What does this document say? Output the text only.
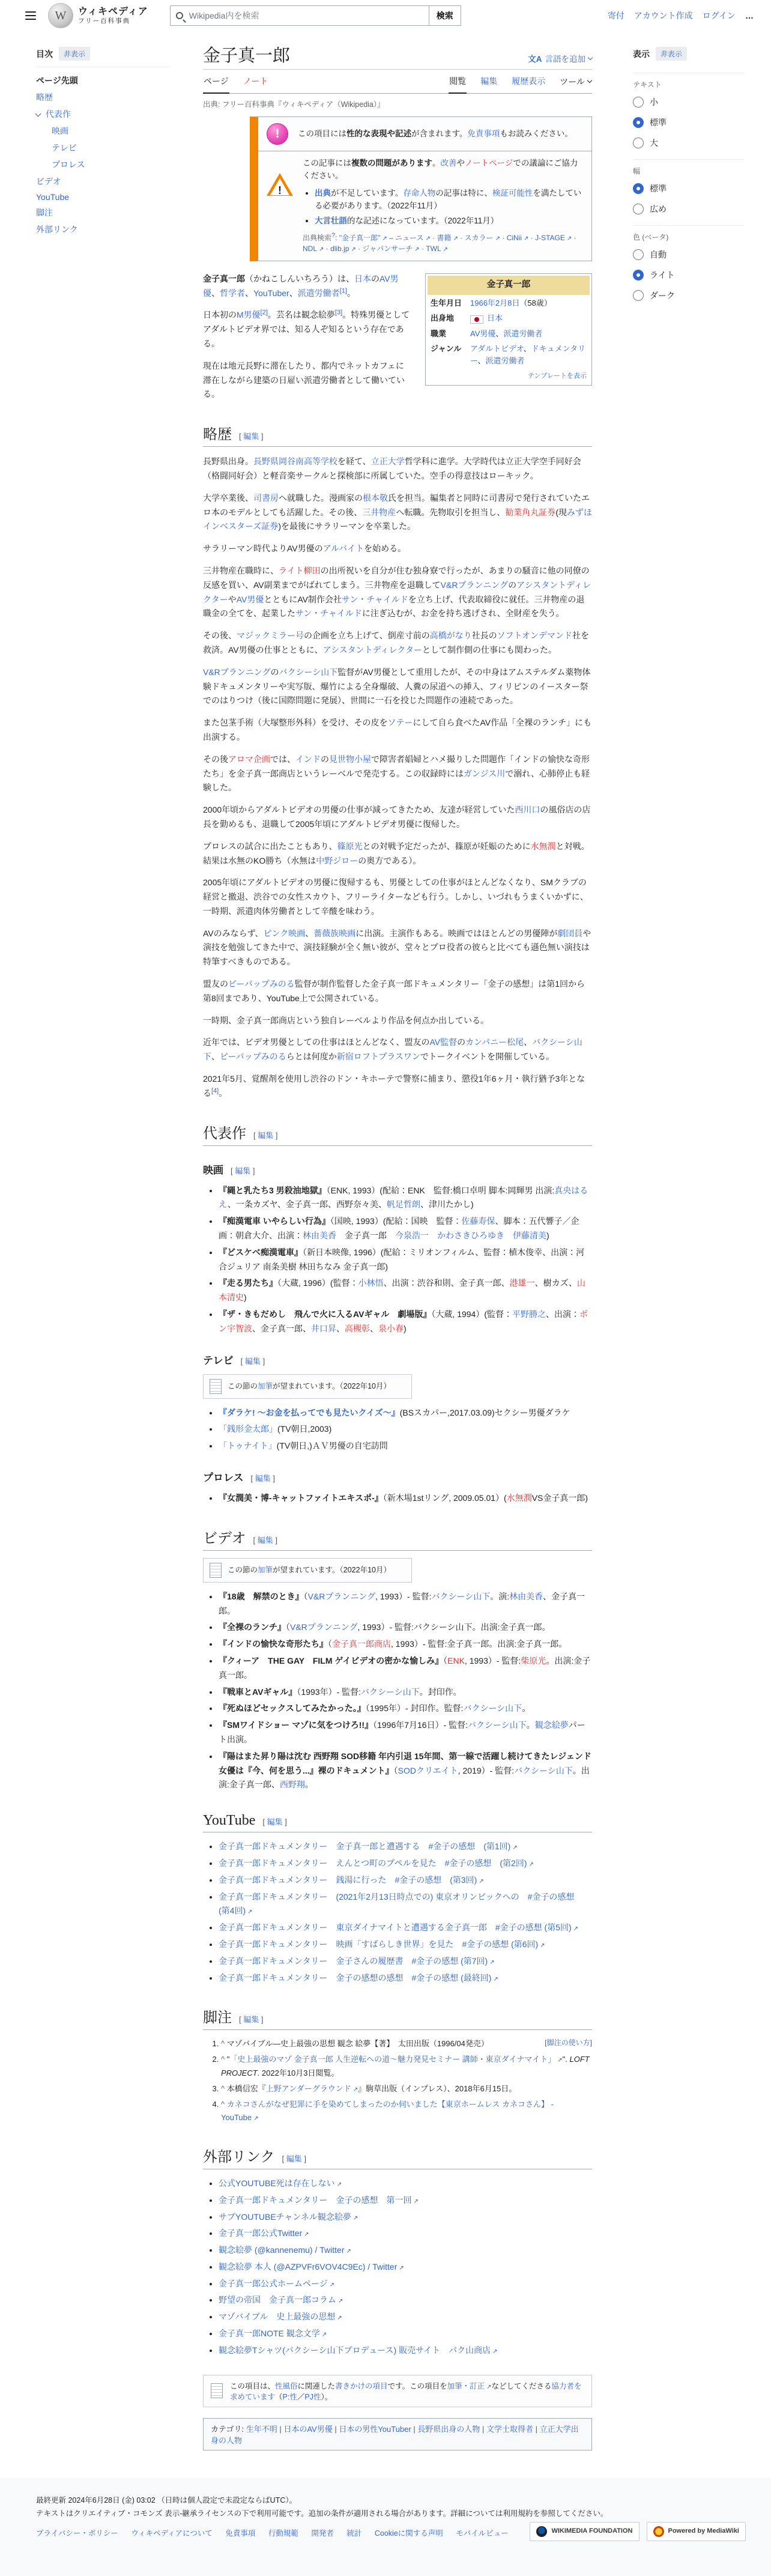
W	ウィキペディア
フリー百科事典
Wikipedia内を検索
検索	寄付 アカウント作成 ログイン …
目次	非表示
ページ先頭
略歴
代表作
映画
テレビ
プロレス
ビデオ
YouTube
脚注
外部リンク
金子真一郎	文A 言語を追加
ページ ノート	閲覧 編集 履歴表示 ツール
出典: フリー百科事典『ウィキペディア（Wikipedia）』
!	この項目には性的な表現や記述が含まれます。免責事項もお読みください。
!
この記事には複数の問題があります。改善やノートページでの議論にご協力ください。
• 出典が不足しています。存命人物の記事は特に、検証可能性を満たしている必要があります。（2022年11月）
• 大言壮語的な記述になっています。（2022年11月）
出典検索?: "金子真一郎" ↗ – ニュース ↗ · 書籍 ↗ · スカラー ↗ · CiNii ↗ · J-STAGE ↗ · NDL ↗ · dlib.jp ↗ · ジャパンサーチ ↗ · TWL ↗
金子真一郎
生年月日	1966年2月8日（58歳）
出身地	日本
職業	AV男優、派遣労働者
ジャンル	アダルトビデオ、ドキュメンタリー、派遣労働者
テンプレートを表示

金子真一郎（かねこしんいちろう）は、日本のAV男優、哲学者、YouTuber、派遣労働者[1]。

日本初のM男優[2]。芸名は観念絵夢[3]。特殊男優としてアダルトビデオ界では、知る人ぞ知るという存在である。

現在は地元長野に滞在したり、都内でネットカフェに滞在しながら建築の日雇い派遣労働者として働いている。

略歴 [ 編集 ]

長野県出身。長野県岡谷南高等学校を経て、立正大学哲学科に進学。大学時代は立正大学空手同好会（格闘同好会）と軽音楽サークルと探検部に所属していた。空手の得意技はローキック。

大学卒業後、司書房へ就職した。漫画家の根本敬氏を担当。編集者と同時に司書房で発行されていたエロ本のモデルとしても活躍した。その後、三井物産へ転職。先物取引を担当し、勧業角丸証券(現みずほインベスターズ証券)を最後にサラリーマンを卒業した。

サラリーマン時代よりAV男優のアルバイトを始める。

三井物産在職時に、ライト柳田の出所祝いを自分が住む独身寮で行ったが、あまりの騒音に他の同僚の反感を買い、AV副業までがばれてしまう。三井物産を退職してV&RプランニングのアシスタントディレクターやAV男優とともにAV制作会社サン・チャイルドを立ち上げ、代表取締役に就任。三井物産の退職金の全てを、起業したサン・チャイルドに注ぎ込むが、お金を持ち逃げされ、全財産を失う。

その後、マジックミラー号の企画を立ち上げて、倒産寸前の高橋がなり社長のソフトオンデマンド社を救済。AV男優の仕事とともに、アシスタントディレクターとして制作側の仕事にも関わった。

V&Rプランニングのバクシーシ山下監督がAV男優として重用したが、その中身はアムステルダム薬物体験ドキュメンタリーや実写版、爆竹による全身爆破、人糞の尿道への挿入、フィリピンのイースター祭でのはりつけ（後に国際問題に発展）、世間に一石を投じた問題作の連続であった。

また包茎手術（大塚整形外科）を受け、その皮をソテーにして自ら食べたAV作品「全裸のランチ」にも出演する。

その後アロマ企画では、インドの見世物小屋で障害者娼婦とハメ撮りした問題作「インドの愉快な奇形たち」を金子真一郎商店というレーベルで発売する。この収録時にはガンジス川で溺れ、心肺停止も経験した。

2000年頃からアダルトビデオの男優の仕事が減ってきたため、友達が経営していた西川口の風俗店の店長を勤めるも、退職して2005年頃にアダルトビデオ男優に復帰した。

プロレスの試合に出たこともあり、篠原光との対戦予定だったが、篠原が妊娠のために水無潤と対戦。結果は水無のKO勝ち（水無は中野ジローの奥方である）。

2005年頃にアダルトビデオの男優に復帰するも、男優としての仕事がほとんどなくなり、SMクラブの経営と撤退、渋谷での女性スカウト、フリーライターなども行う。しかし、いづれもうまくいかずに、一時期、派遣肉体労働者として辛酸を味わう。

AVのみならず、ピンク映画、薔薇族映画に出演。主演作もある。映画ではほとんどの男優陣が劇団員や演技を勉強してきた中で、演技経験が全く無い彼が、堂々とプロ役者の彼らと比べても遜色無い演技は特筆すべきものである。

盟友のピーパップみのる監督が制作監督した金子真一郎ドキュメンタリー「金子の感想」は第1回から第8回まであり、YouTube上で公開されている。

一時期、金子真一郎商店という独自レーベルより作品を何点か出している。

近年では、ビデオ男優としての仕事はほとんどなく、盟友のAV監督のカンパニー松尾、バクシーシ山下、ピーパップみのるらとは何度か新宿ロフトプラスワンでトークイベントを開催している。

2021年5月、覚醒剤を使用し渋谷のドン・キホーテで警察に捕まり、懲役1年6ヶ月・執行猶予3年となる[4]。

代表作 [ 編集 ]
映画 [ 編集 ]
• 『縄と乳たち3 男殺油地獄』（ENK, 1993）(配給：ENK　監督:橋口卓明 脚本:岡輝男 出演:真央はるえ、一条カズヤ、金子真一郎、西野奈々美、帆足哲朗、津川たかし)
• 『痴漢電車 いやらしい行為』（国映, 1993）(配給：国映　監督：佐藤寿保、脚本：五代響子／企画：朝倉大介、出演：林由美香　金子真一郎　今泉浩一　 かわさきひろゆき　 伊藤清美)
• 『どスケベ痴漢電車』（新日本映像, 1996）(配給：ミリオンフィルム、監督：植木俊幸、出演：河合ジュリア 南条美樹 林田ちなみ 金子真一郎)
• 『走る男たち』（大蔵, 1996）(監督：小林悟、出演：渋谷和則、金子真一郎、港雄一、樹カズ、山本清史)
• 『ザ・きもだめし　飛んで火に入るAVギャル　劇場版』（大蔵, 1994）(監督：平野勝之、出演：ポン宇智波、金子真一郎、井口昇、高槻彰、泉小春)
テレビ [ 編集 ]
この節の加筆が望まれています。（2022年10月）
• 『ダラケ! ～お金を払ってでも見たいクイズ～』(BSスカパー,2017.03.09)セクシー男優ダラケ
• 「銭形金太郎」(TV朝日,2003)
• 「トゥナイト」(TV朝日,)ＡＶ男優の自宅訪問
プロレス [ 編集 ]
• 『女潤美・博-キャットファイトエキスポ-』（新木場1stリング, 2009.05.01）(水無潤VS金子真一郎)
ビデオ [ 編集 ]
この節の加筆が望まれています。（2022年10月）
• 『18歳　解禁のとき』（V&Rプランニング, 1993）- 監督:バクシーシ山下。演:林由美香、金子真一郎。
• 『全裸のランチ』（V&Rプランニング, 1993）- 監督:バクシーシ山下。出演:金子真一郎。
• 『インドの愉快な奇形たち』（金子真一郎商店, 1993）- 監督:金子真一郎。出演:金子真一郎。
• 『クィーア　THE GAY　FILM ゲイビデオの密かな愉しみ』（ENK, 1993）- 監督:柴原光。出演:金子真一郎。
• 『戦車とAVギャル』（1993年）- 監督:バクシーシ山下。封印作。
• 『死ぬほどセックスしてみたかった。』（1995年）- 封印作。監督:バクシーシ山下。
• 『SMワイドショー マゾに気をつけろ!!』（1996年7月16日）- 監督:バクシーシ山下。観念絵夢パート出演。
• 『陽はまた昇り陽は沈む 西野翔 SOD移籍 年内引退 15年間、第一線で活躍し続けてきたレジェンド女優は『今、何を思う...』裸のドキュメント』（SODクリエイト, 2019）- 監督:バクシーシ山下。出演:金子真一郎、西野翔。
YouTube [ 編集 ]
• 金子真一郎ドキュメンタリー　金子真一郎と遭遇する　#金子の感想　(第1回) ↗
• 金子真一郎ドキュメンタリー　えんとつ町のプペルを見た　#金子の感想　(第2回) ↗
• 金子真一郎ドキュメンタリー　銭湯に行った　#金子の感想　(第3回) ↗
• 金子真一郎ドキュメンタリー　(2021年2月13日時点での) 東京オリンピックへの　#金子の感想　(第4回) ↗
• 金子真一郎ドキュメンタリー　東京ダイナマイトと遭遇する金子真一郎　#金子の感想 (第5回) ↗
• 金子真一郎ドキュメンタリー　映画「すばらしき世界」を見た　#金子の感想 (第6回) ↗
• 金子真一郎ドキュメンタリー　金子さんの履歴書　#金子の感想 (第7回) ↗
• 金子真一郎ドキュメンタリー　金子の感想の感想　#金子の感想 (最終回) ↗
脚注 [ 編集 ]
[脚注の使い方]
1. ^ マゾバイブル—史上最強の思想 観念 絵夢【著】　太田出版（1996/04発売）
2. ^ "「史上最強のマゾ 金子真一郎 人生逆転への道～魅力発見セミナー 講師・東京ダイナマイト」 ↗ ". LOFT PROJECT. 2022年10月3日閲覧。
3. ^ 本橋信宏『上野アンダーグラウンド ↗ 』駒草出版（インプレス）、2018年6月15日。
4. ^ カネコさんがなぜ犯罪に手を染めてしまったのか伺いました【東京ホームレス カネコさん】 - YouTube ↗
外部リンク [ 編集 ]
• 公式YOUTUBE死は存在しない ↗
• 金子真一郎ドキュメンタリー　金子の感想　第一回 ↗
• サブYOUTUBEチャンネル観念絵夢 ↗
• 金子真一郎公式Twitter ↗
• 観念絵夢 (@kannenemu) / Twitter ↗
• 観念絵夢 本人 (@AZPVFr6VOV4C9Ec) / Twitter ↗
• 金子真一郎公式ホームページ ↗
• 野望の帝国　金子真一郎コラム ↗
• マゾバイブル　史上最強の思想 ↗
• 金子真一郎NOTE 観念文学 ↗
• 観念絵夢Tシャツ(バクシーシ山下プロデュース) 販売サイト　パク山商店 ↗
この項目は、性風俗に関連した書きかけの項目です。この項目を加筆・訂正 ↗ などしてくださる協力者を求めています（P:性／PJ性）。
カテゴリ: 生年不明 | 日本のAV男優 | 日本の男性YouTuber | 長野県出身の人物 | 文学士取得者 | 立正大学出身の人物
表示	非表示
テキスト
小
標準
大
幅
標準
広め
色 (ベータ)
自動
ライト
ダーク
最終更新 2024年6月28日 (金) 03:02 （日時は個人設定で未設定ならばUTC）。
テキストはクリエイティブ・コモンズ 表示-継承ライセンスの下で利用可能です。追加の条件が適用される場合があります。詳細については利用規約を参照してください。
プライバシー・ポリシー ウィキペディアについて 免責事項 行動規範 開発者 統計 Cookieに関する声明 モバイルビュー	WIKIMEDIA FOUNDATION	Powered by MediaWiki
